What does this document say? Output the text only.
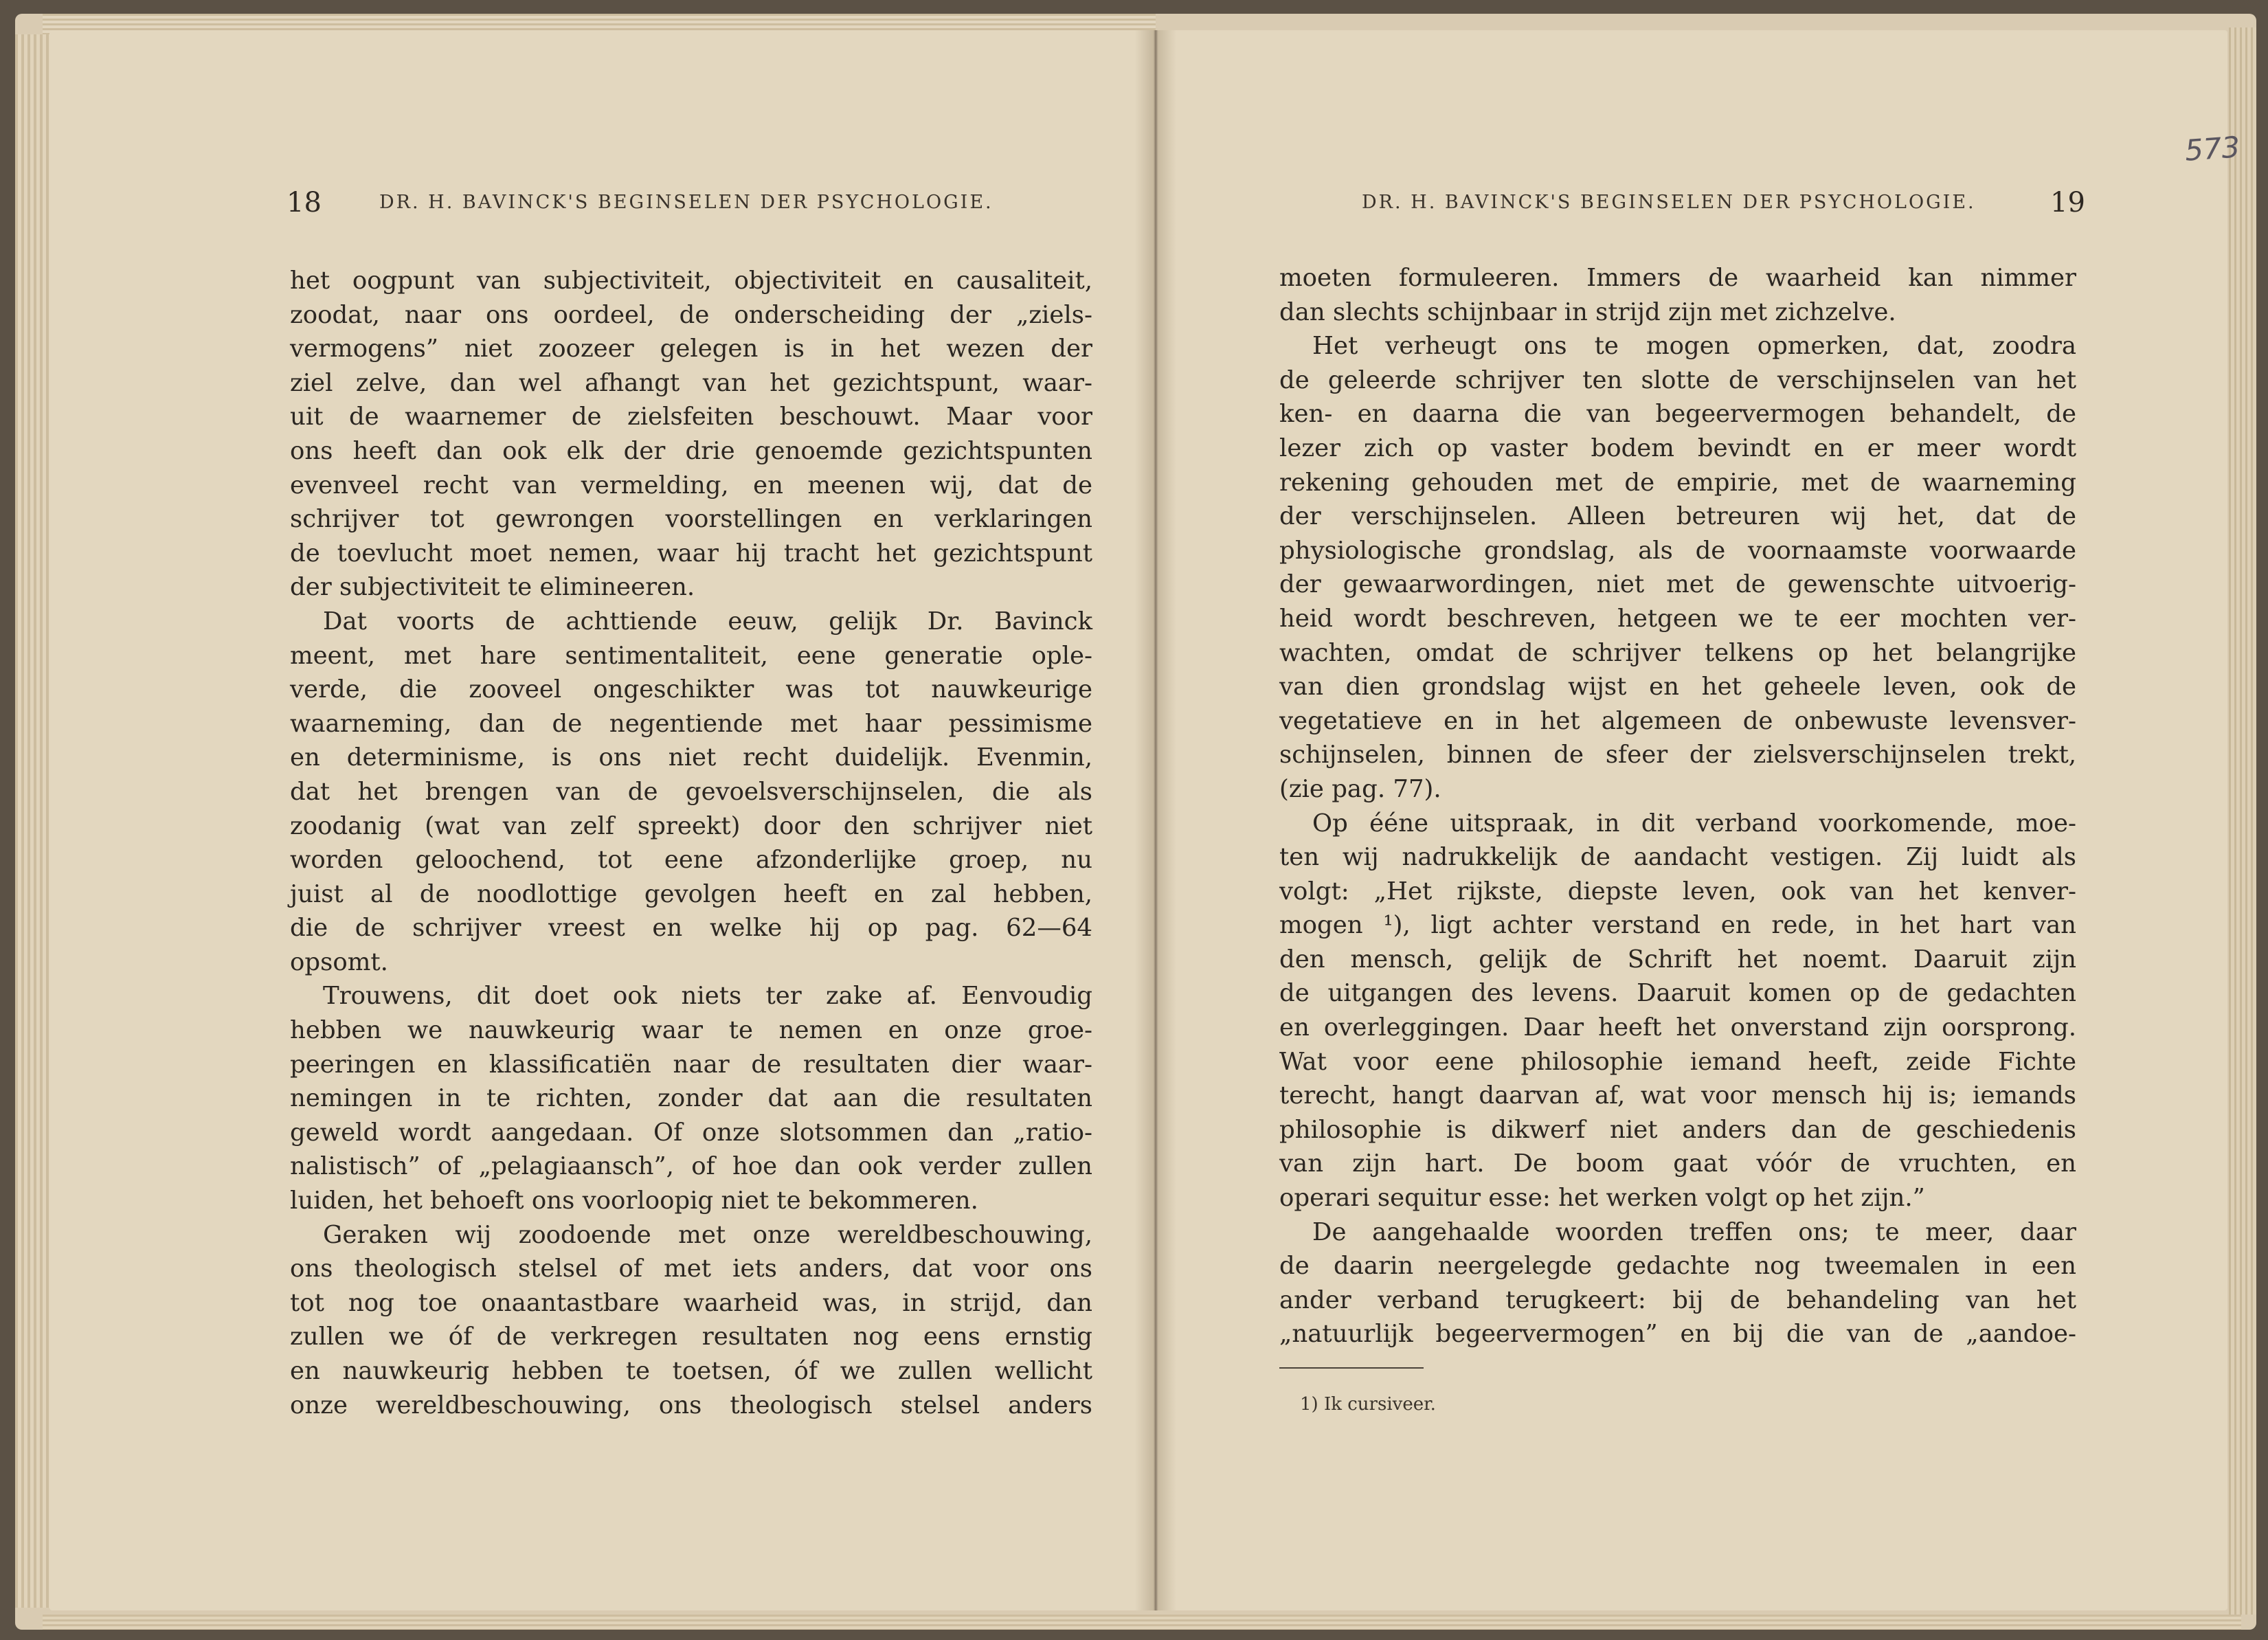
18	DR. H. BAVINCK'S BEGINSELEN DER PSYCHOLOGIE.
het oogpunt van subjectiviteit, objectiviteit en causaliteit,
zoodat, naar ons oordeel, de onderscheiding der „ziels-
vermogens” niet zoozeer gelegen is in het wezen der
ziel zelve, dan wel afhangt van het gezichtspunt, waar-
uit de waarnemer de zielsfeiten beschouwt. Maar voor
ons heeft dan ook elk der drie genoemde gezichtspunten
evenveel recht van vermelding, en meenen wij, dat de
schrijver tot gewrongen voorstellingen en verklaringen
de toevlucht moet nemen, waar hij tracht het gezichtspunt
der subjectiviteit te elimineeren.
Dat voorts de achttiende eeuw, gelijk Dr. Bavinck
meent, met hare sentimentaliteit, eene generatie ople-
verde, die zooveel ongeschikter was tot nauwkeurige
waarneming, dan de negentiende met haar pessimisme
en determinisme, is ons niet recht duidelijk. Evenmin,
dat het brengen van de gevoelsverschijnselen, die als
zoodanig (wat van zelf spreekt) door den schrijver niet
worden geloochend, tot eene afzonderlijke groep, nu
juist al de noodlottige gevolgen heeft en zal hebben,
die de schrijver vreest en welke hij op pag. 62—64
opsomt.
Trouwens, dit doet ook niets ter zake af. Eenvoudig
hebben we nauwkeurig waar te nemen en onze groe-
peeringen en klassificatiën naar de resultaten dier waar-
nemingen in te richten, zonder dat aan die resultaten
geweld wordt aangedaan. Of onze slotsommen dan „ratio-
nalistisch” of „pelagiaansch”, of hoe dan ook verder zullen
luiden, het behoeft ons voorloopig niet te bekommeren.
Geraken wij zoodoende met onze wereldbeschouwing,
ons theologisch stelsel of met iets anders, dat voor ons
tot nog toe onaantastbare waarheid was, in strijd, dan
zullen we óf de verkregen resultaten nog eens ernstig
en nauwkeurig hebben te toetsen, óf we zullen wellicht
onze wereldbeschouwing, ons theologisch stelsel anders
573
DR. H. BAVINCK'S BEGINSELEN DER PSYCHOLOGIE.	19
moeten formuleeren. Immers de waarheid kan nimmer
dan slechts schijnbaar in strijd zijn met zichzelve.
Het verheugt ons te mogen opmerken, dat, zoodra
de geleerde schrijver ten slotte de verschijnselen van het
ken- en daarna die van begeervermogen behandelt, de
lezer zich op vaster bodem bevindt en er meer wordt
rekening gehouden met de empirie, met de waarneming
der verschijnselen. Alleen betreuren wij het, dat de
physiologische grondslag, als de voornaamste voorwaarde
der gewaarwordingen, niet met de gewenschte uitvoerig-
heid wordt beschreven, hetgeen we te eer mochten ver-
wachten, omdat de schrijver telkens op het belangrijke
van dien grondslag wijst en het geheele leven, ook de
vegetatieve en in het algemeen de onbewuste levensver-
schijnselen, binnen de sfeer der zielsverschijnselen trekt,
(zie pag. 77).
Op ééne uitspraak, in dit verband voorkomende, moe-
ten wij nadrukkelijk de aandacht vestigen. Zij luidt als
volgt: „Het rijkste, diepste leven, ook van het kenver-
mogen ¹), ligt achter verstand en rede, in het hart van
den mensch, gelijk de Schrift het noemt. Daaruit zijn
de uitgangen des levens. Daaruit komen op de gedachten
en overleggingen. Daar heeft het onverstand zijn oorsprong.
Wat voor eene philosophie iemand heeft, zeide Fichte
terecht, hangt daarvan af, wat voor mensch hij is; iemands
philosophie is dikwerf niet anders dan de geschiedenis
van zijn hart. De boom gaat vóór de vruchten, en
operari sequitur esse: het werken volgt op het zijn.”
De aangehaalde woorden treffen ons; te meer, daar
de daarin neergelegde gedachte nog tweemalen in een
ander verband terugkeert: bij de behandeling van het
„natuurlijk begeervermogen” en bij die van de „aandoe-
1) Ik cursiveer.
